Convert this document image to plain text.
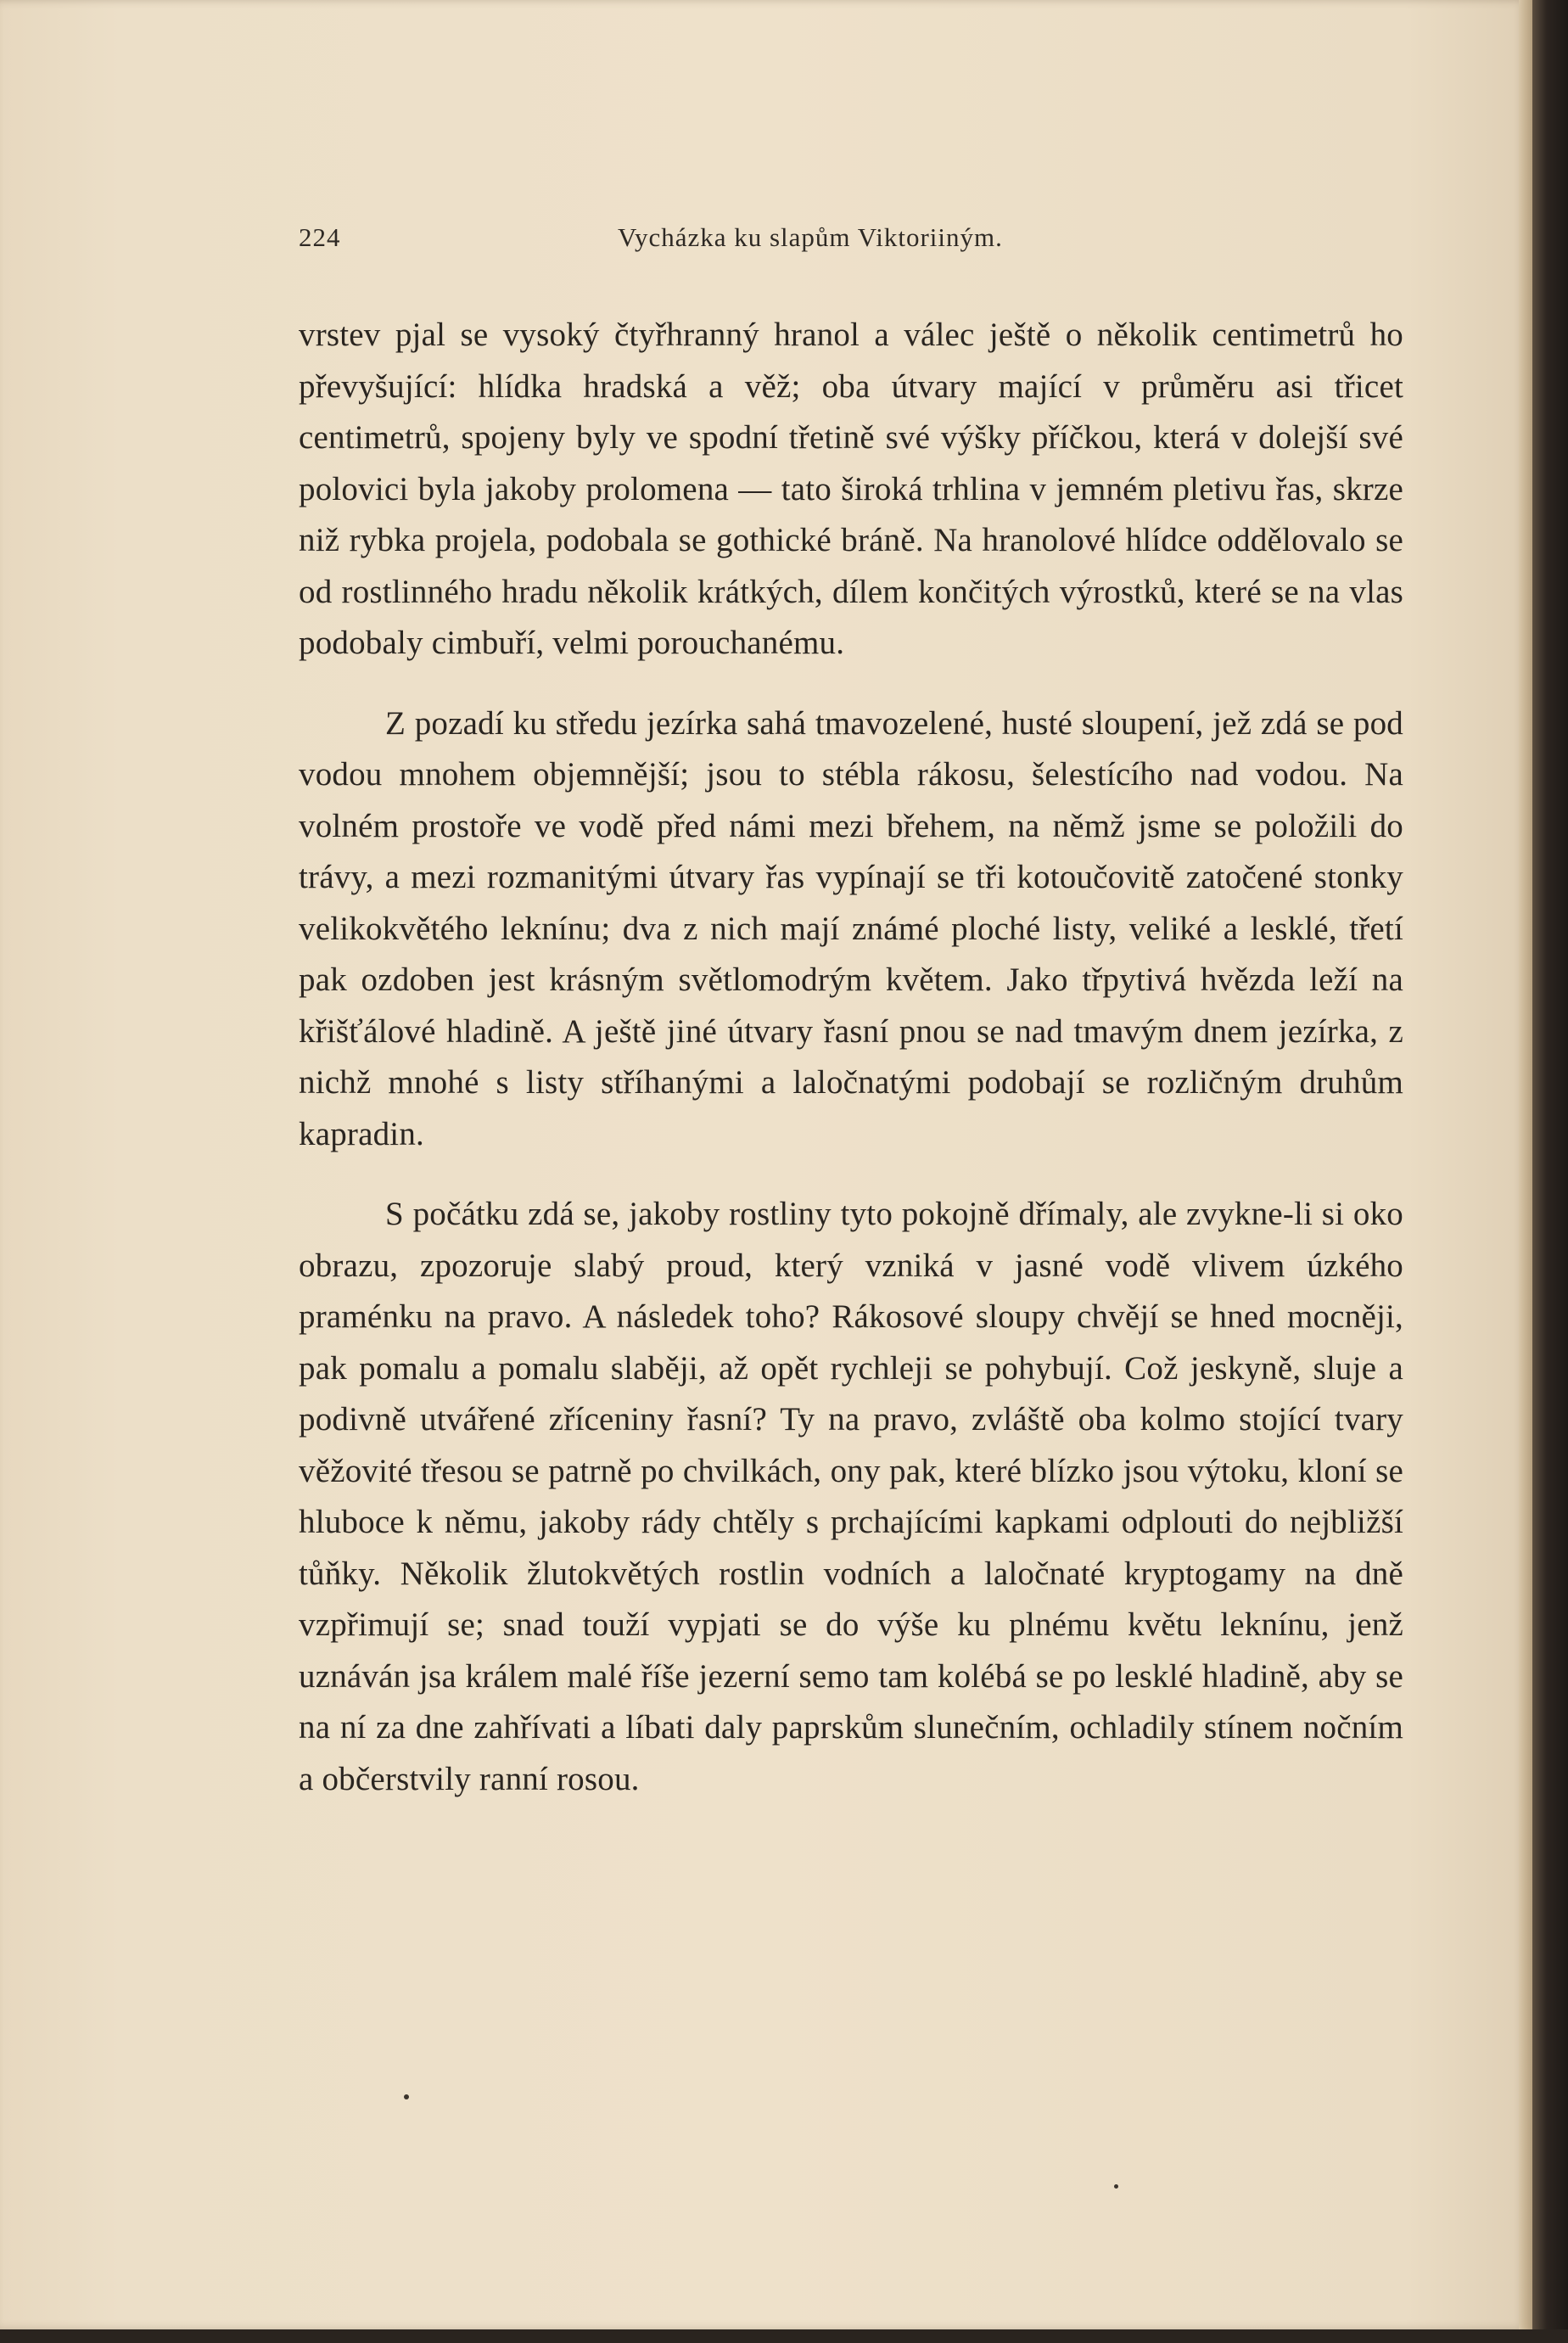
224	Vycházka ku slapům Viktoriiným.

vrstev pjal se vysoký čtyřhranný hranol a válec ještě o několik centimetrů ho převyšující: hlídka hradská a věž; oba útvary mající v průměru asi třicet centimetrů, spojeny byly ve spodní třetině své výšky příčkou, která v dolejší své polovici byla jakoby prolomena — tato široká trhlina v jemném pletivu řas, skrze niž rybka projela, podobala se gothické bráně. Na hranolové hlídce oddělovalo se od rostlinného hradu několik krátkých, dílem končitých výrostků, které se na vlas podobaly cimbuří, velmi porouchanému.

Z pozadí ku středu jezírka sahá tmavozelené, husté sloupení, jež zdá se pod vodou mnohem objemnější; jsou to stébla rákosu, šelestícího nad vodou. Na volném prostoře ve vodě před námi mezi břehem, na němž jsme se položili do trávy, a mezi rozmanitými útvary řas vypínají se tři kotoučovitě zatočené stonky velikokvětého leknínu; dva z nich mají známé ploché listy, veliké a lesklé, třetí pak ozdoben jest krásným světlomodrým květem. Jako třpytivá hvězda leží na křišťálové hladině. A ještě jiné útvary řasní pnou se nad tmavým dnem jezírka, z nichž mnohé s listy stříhanými a laločnatými podobají se rozličným druhům kapradin.

S počátku zdá se, jakoby rostliny tyto pokojně dřímaly, ale zvykne-li si oko obrazu, zpozoruje slabý proud, který vzniká v jasné vodě vlivem úzkého praménku na pravo. A následek toho? Rákosové sloupy chvějí se hned mocněji, pak pomalu a pomalu slaběji, až opět rychleji se pohybují. Což jeskyně, sluje a podivně utvářené zříceniny řasní? Ty na pravo, zvláště oba kolmo stojící tvary věžovité třesou se patrně po chvilkách, ony pak, které blízko jsou výtoku, kloní se hluboce k němu, jakoby rády chtěly s prchajícími kapkami odplouti do nejbližší tůňky. Několik žlutokvětých rostlin vodních a laločnaté kryptogamy na dně vzpřimují se; snad touží vypjati se do výše ku plnému květu leknínu, jenž uznáván jsa králem malé říše jezerní semo tam kolébá se po lesklé hladině, aby se na ní za dne zahřívati a líbati daly paprskům slunečním, ochladily stínem nočním a občerstvily ranní rosou.
